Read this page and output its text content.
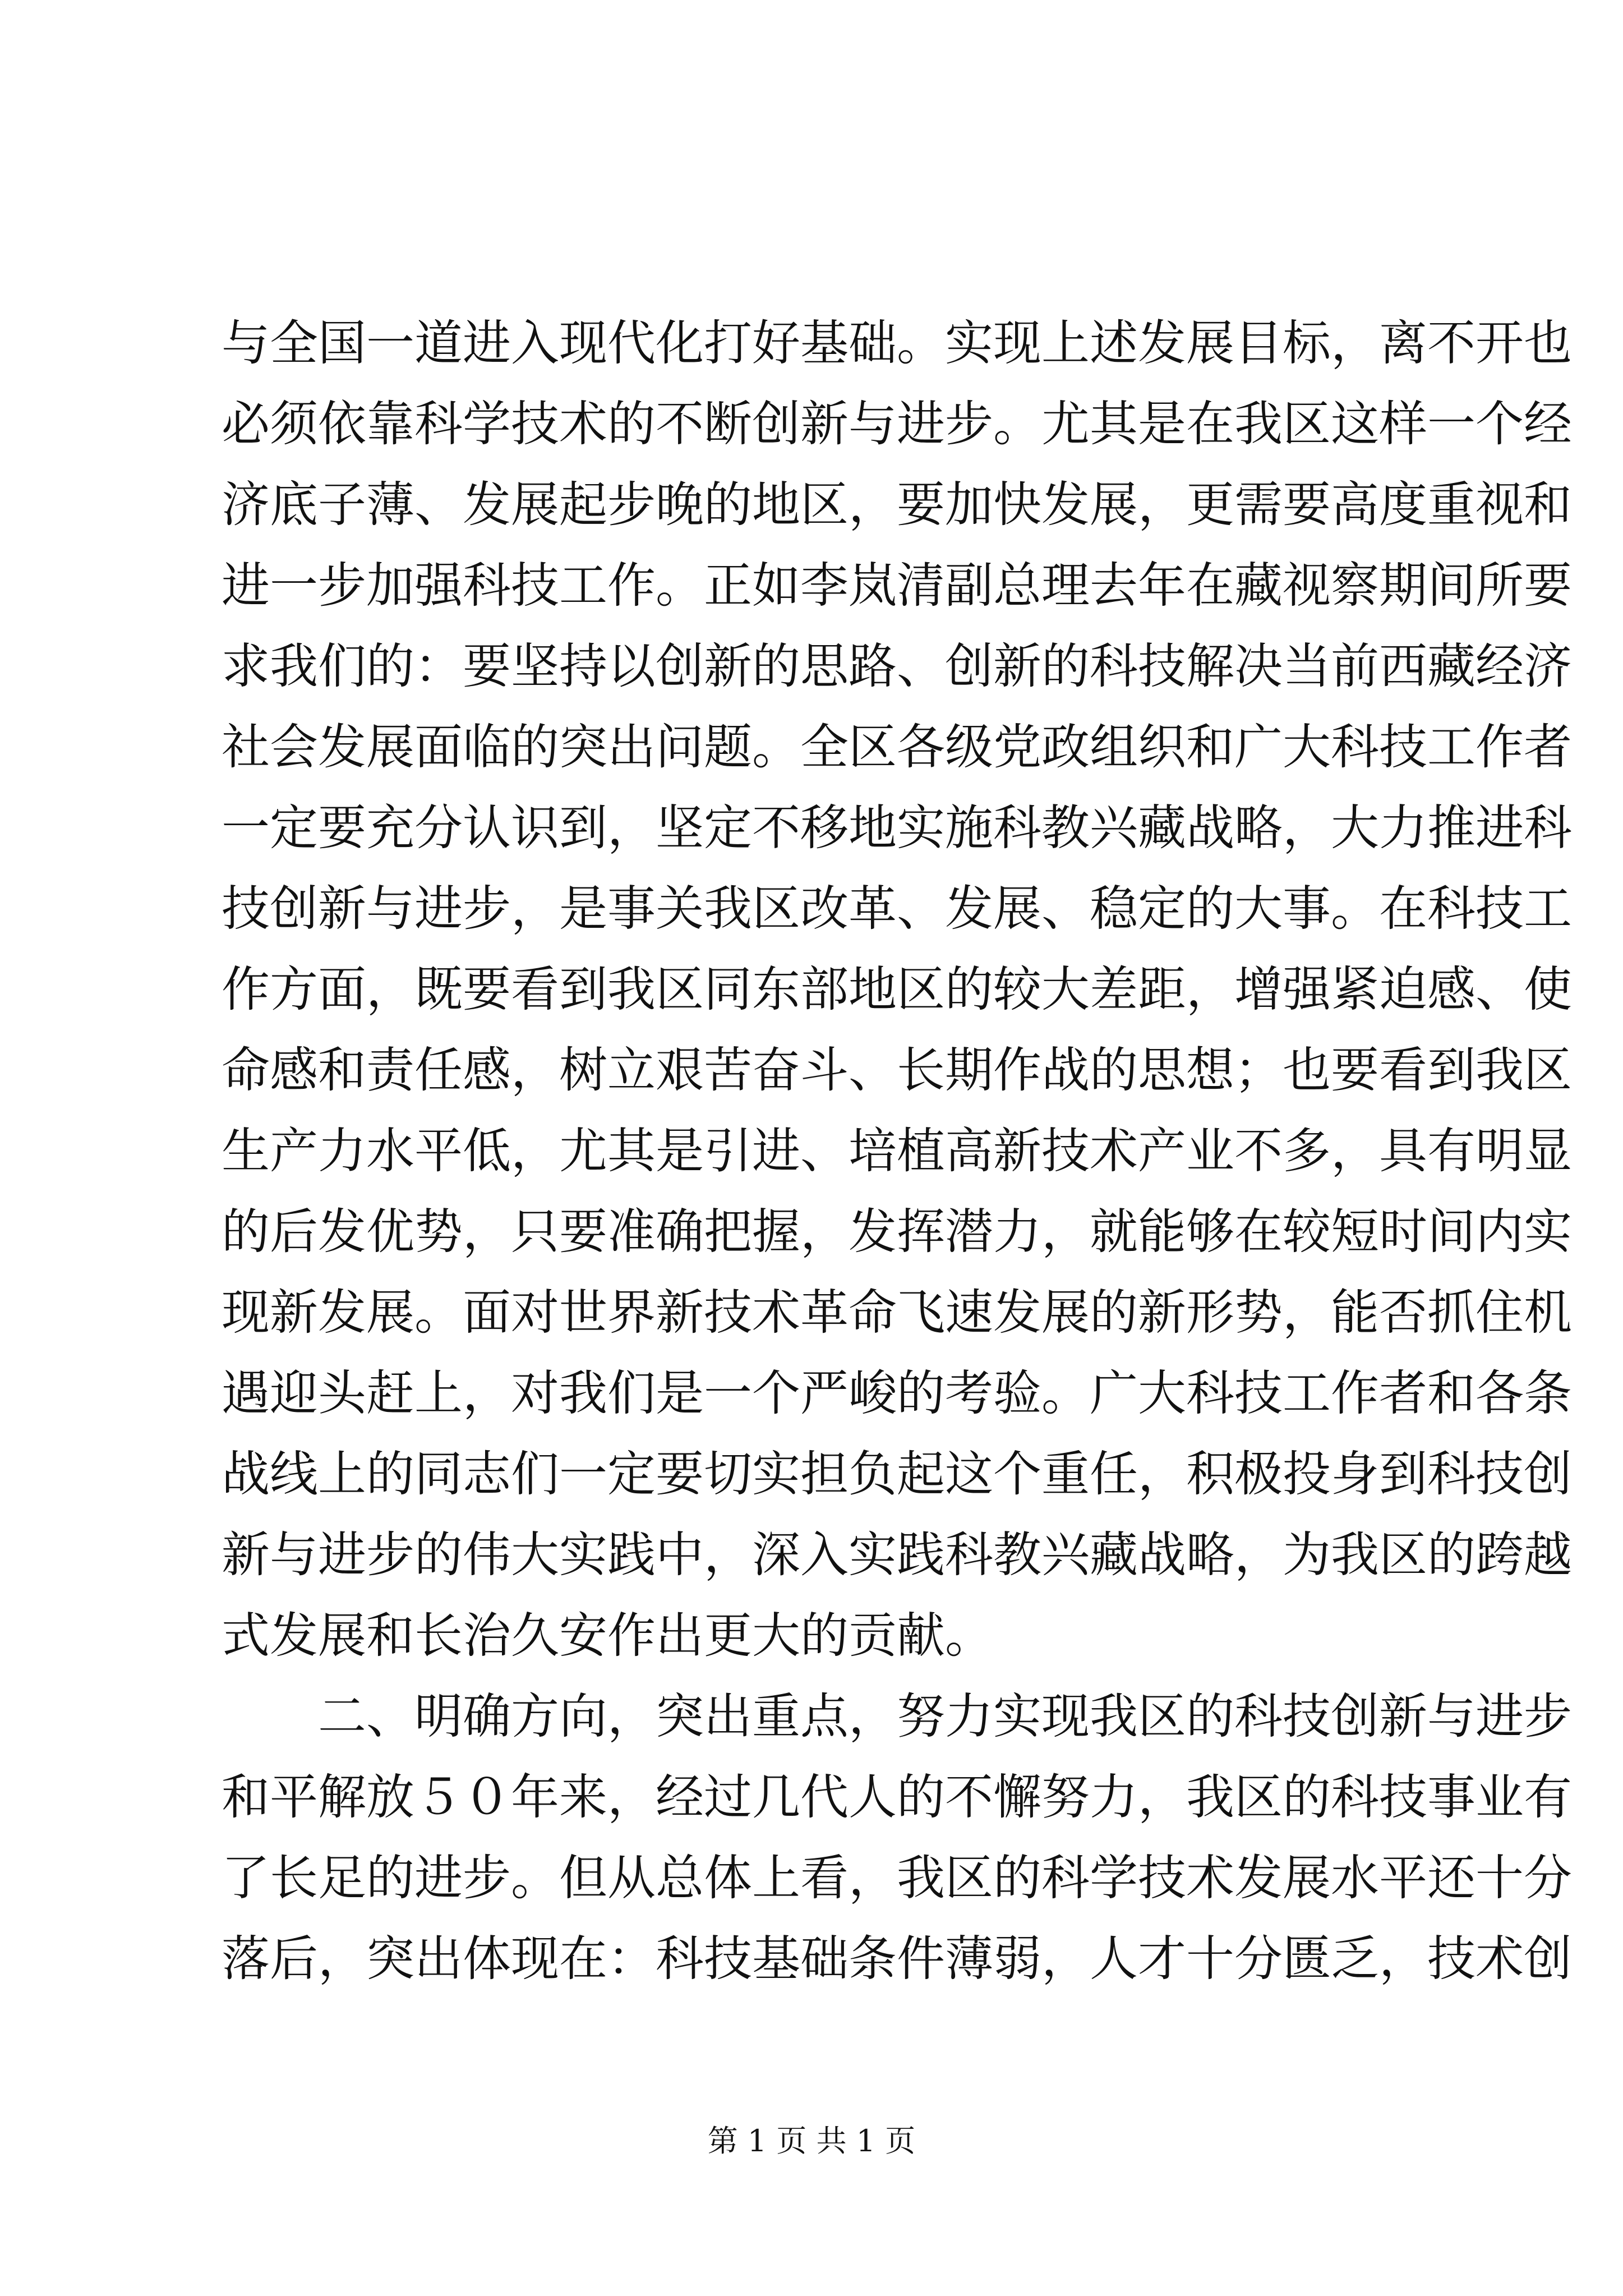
与全国一道进入现代化打好基础。实现上述发展目标，离不开也
必须依靠科学技术的不断创新与进步。尤其是在我区这样一个经
济底子薄、发展起步晚的地区，要加快发展，更需要高度重视和
进一步加强科技工作。正如李岚清副总理去年在藏视察期间所要
求我们的：要坚持以创新的思路、创新的科技解决当前西藏经济
社会发展面临的突出问题。全区各级党政组织和广大科技工作者
一定要充分认识到，坚定不移地实施科教兴藏战略，大力推进科
技创新与进步，是事关我区改革、发展、稳定的大事。在科技工
作方面，既要看到我区同东部地区的较大差距，增强紧迫感、使
命感和责任感，树立艰苦奋斗、长期作战的思想；也要看到我区
生产力水平低，尤其是引进、培植高新技术产业不多，具有明显
的后发优势，只要准确把握，发挥潜力，就能够在较短时间内实
现新发展。面对世界新技术革命飞速发展的新形势，能否抓住机
遇迎头赶上，对我们是一个严峻的考验。广大科技工作者和各条
战线上的同志们一定要切实担负起这个重任，积极投身到科技创
新与进步的伟大实践中，深入实践科教兴藏战略，为我区的跨越
式发展和长治久安作出更大的贡献。
二、明确方向，突出重点，努力实现我区的科技创新与进步
和平解放５０年来，经过几代人的不懈努力，我区的科技事业有
了长足的进步。但从总体上看，我区的科学技术发展水平还十分
落后，突出体现在：科技基础条件薄弱，人才十分匮乏，技术创
第 1 页 共 1 页
